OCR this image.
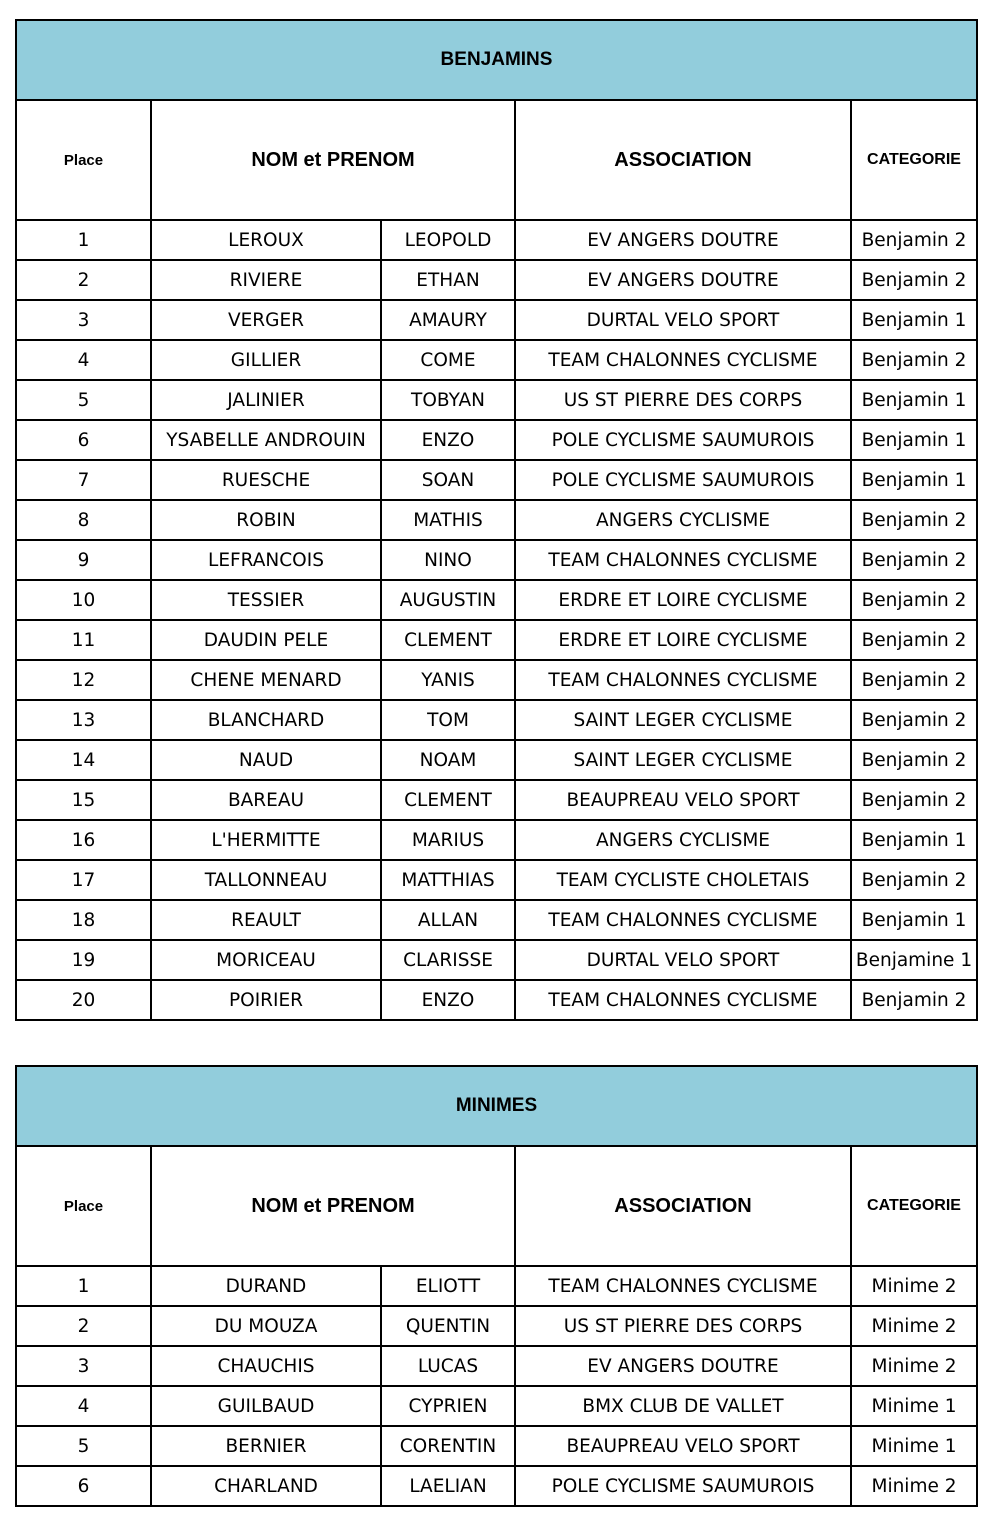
BENJAMINS				
Place	NOM et PRENOM		ASSOCIATION	CATEGORIE
1	LEROUX	LEOPOLD	EV ANGERS DOUTRE	Benjamin 2
2	RIVIERE	ETHAN	EV ANGERS DOUTRE	Benjamin 2
3	VERGER	AMAURY	DURTAL VELO SPORT	Benjamin 1
4	GILLIER	COME	TEAM CHALONNES CYCLISME	Benjamin 2
5	JALINIER	TOBYAN	US ST PIERRE DES CORPS	Benjamin 1
6	YSABELLE ANDROUIN	ENZO	POLE CYCLISME SAUMUROIS	Benjamin 1
7	RUESCHE	SOAN	POLE CYCLISME SAUMUROIS	Benjamin 1
8	ROBIN	MATHIS	ANGERS CYCLISME	Benjamin 2
9	LEFRANCOIS	NINO	TEAM CHALONNES CYCLISME	Benjamin 2
10	TESSIER	AUGUSTIN	ERDRE ET LOIRE CYCLISME	Benjamin 2
11	DAUDIN PELE	CLEMENT	ERDRE ET LOIRE CYCLISME	Benjamin 2
12	CHENE MENARD	YANIS	TEAM CHALONNES CYCLISME	Benjamin 2
13	BLANCHARD	TOM	SAINT LEGER CYCLISME	Benjamin 2
14	NAUD	NOAM	SAINT LEGER CYCLISME	Benjamin 2
15	BAREAU	CLEMENT	BEAUPREAU VELO SPORT	Benjamin 2
16	L'HERMITTE	MARIUS	ANGERS CYCLISME	Benjamin 1
17	TALLONNEAU	MATTHIAS	TEAM CYCLISTE CHOLETAIS	Benjamin 2
18	REAULT	ALLAN	TEAM CHALONNES CYCLISME	Benjamin 1
19	MORICEAU	CLARISSE	DURTAL VELO SPORT	Benjamine 1
20	POIRIER	ENZO	TEAM CHALONNES CYCLISME	Benjamin 2
MINIMES				
Place	NOM et PRENOM		ASSOCIATION	CATEGORIE
1	DURAND	ELIOTT	TEAM CHALONNES CYCLISME	Minime 2
2	DU MOUZA	QUENTIN	US ST PIERRE DES CORPS	Minime 2
3	CHAUCHIS	LUCAS	EV ANGERS DOUTRE	Minime 2
4	GUILBAUD	CYPRIEN	BMX CLUB DE VALLET	Minime 1
5	BERNIER	CORENTIN	BEAUPREAU VELO SPORT	Minime 1
6	CHARLAND	LAELIAN	POLE CYCLISME SAUMUROIS	Minime 2
